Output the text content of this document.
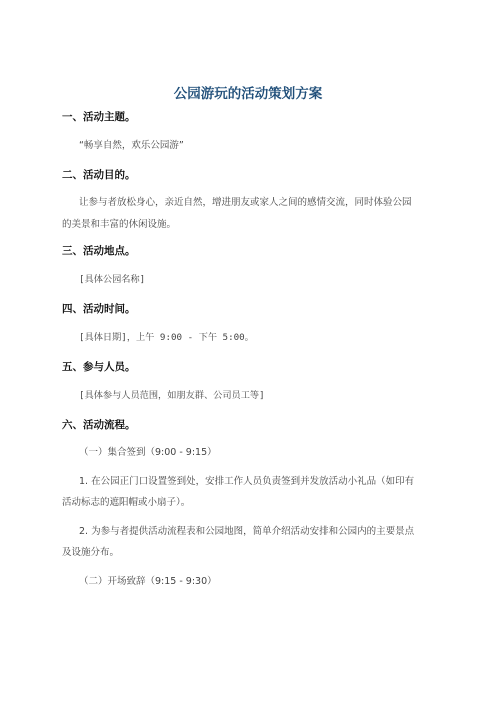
公园游玩的活动策划方案
一、活动主题。
“畅享自然，欢乐公园游”
二、活动目的。
让参与者放松身心，亲近自然，增进朋友或家人之间的感情交流，同时体验公园
的美景和丰富的休闲设施。
三、活动地点。
[具体公园名称]
四、活动时间。
[具体日期]，上午 9:00 - 下午 5:00。
五、参与人员。
[具体参与人员范围，如朋友群、公司员工等]
六、活动流程。
（一）集合签到（9:00 - 9:15）
1. 在公园正门口设置签到处，安排工作人员负责签到并发放活动小礼品（如印有
活动标志的遮阳帽或小扇子）。
2. 为参与者提供活动流程表和公园地图，简单介绍活动安排和公园内的主要景点
及设施分布。
（二）开场致辞（9:15 - 9:30）
